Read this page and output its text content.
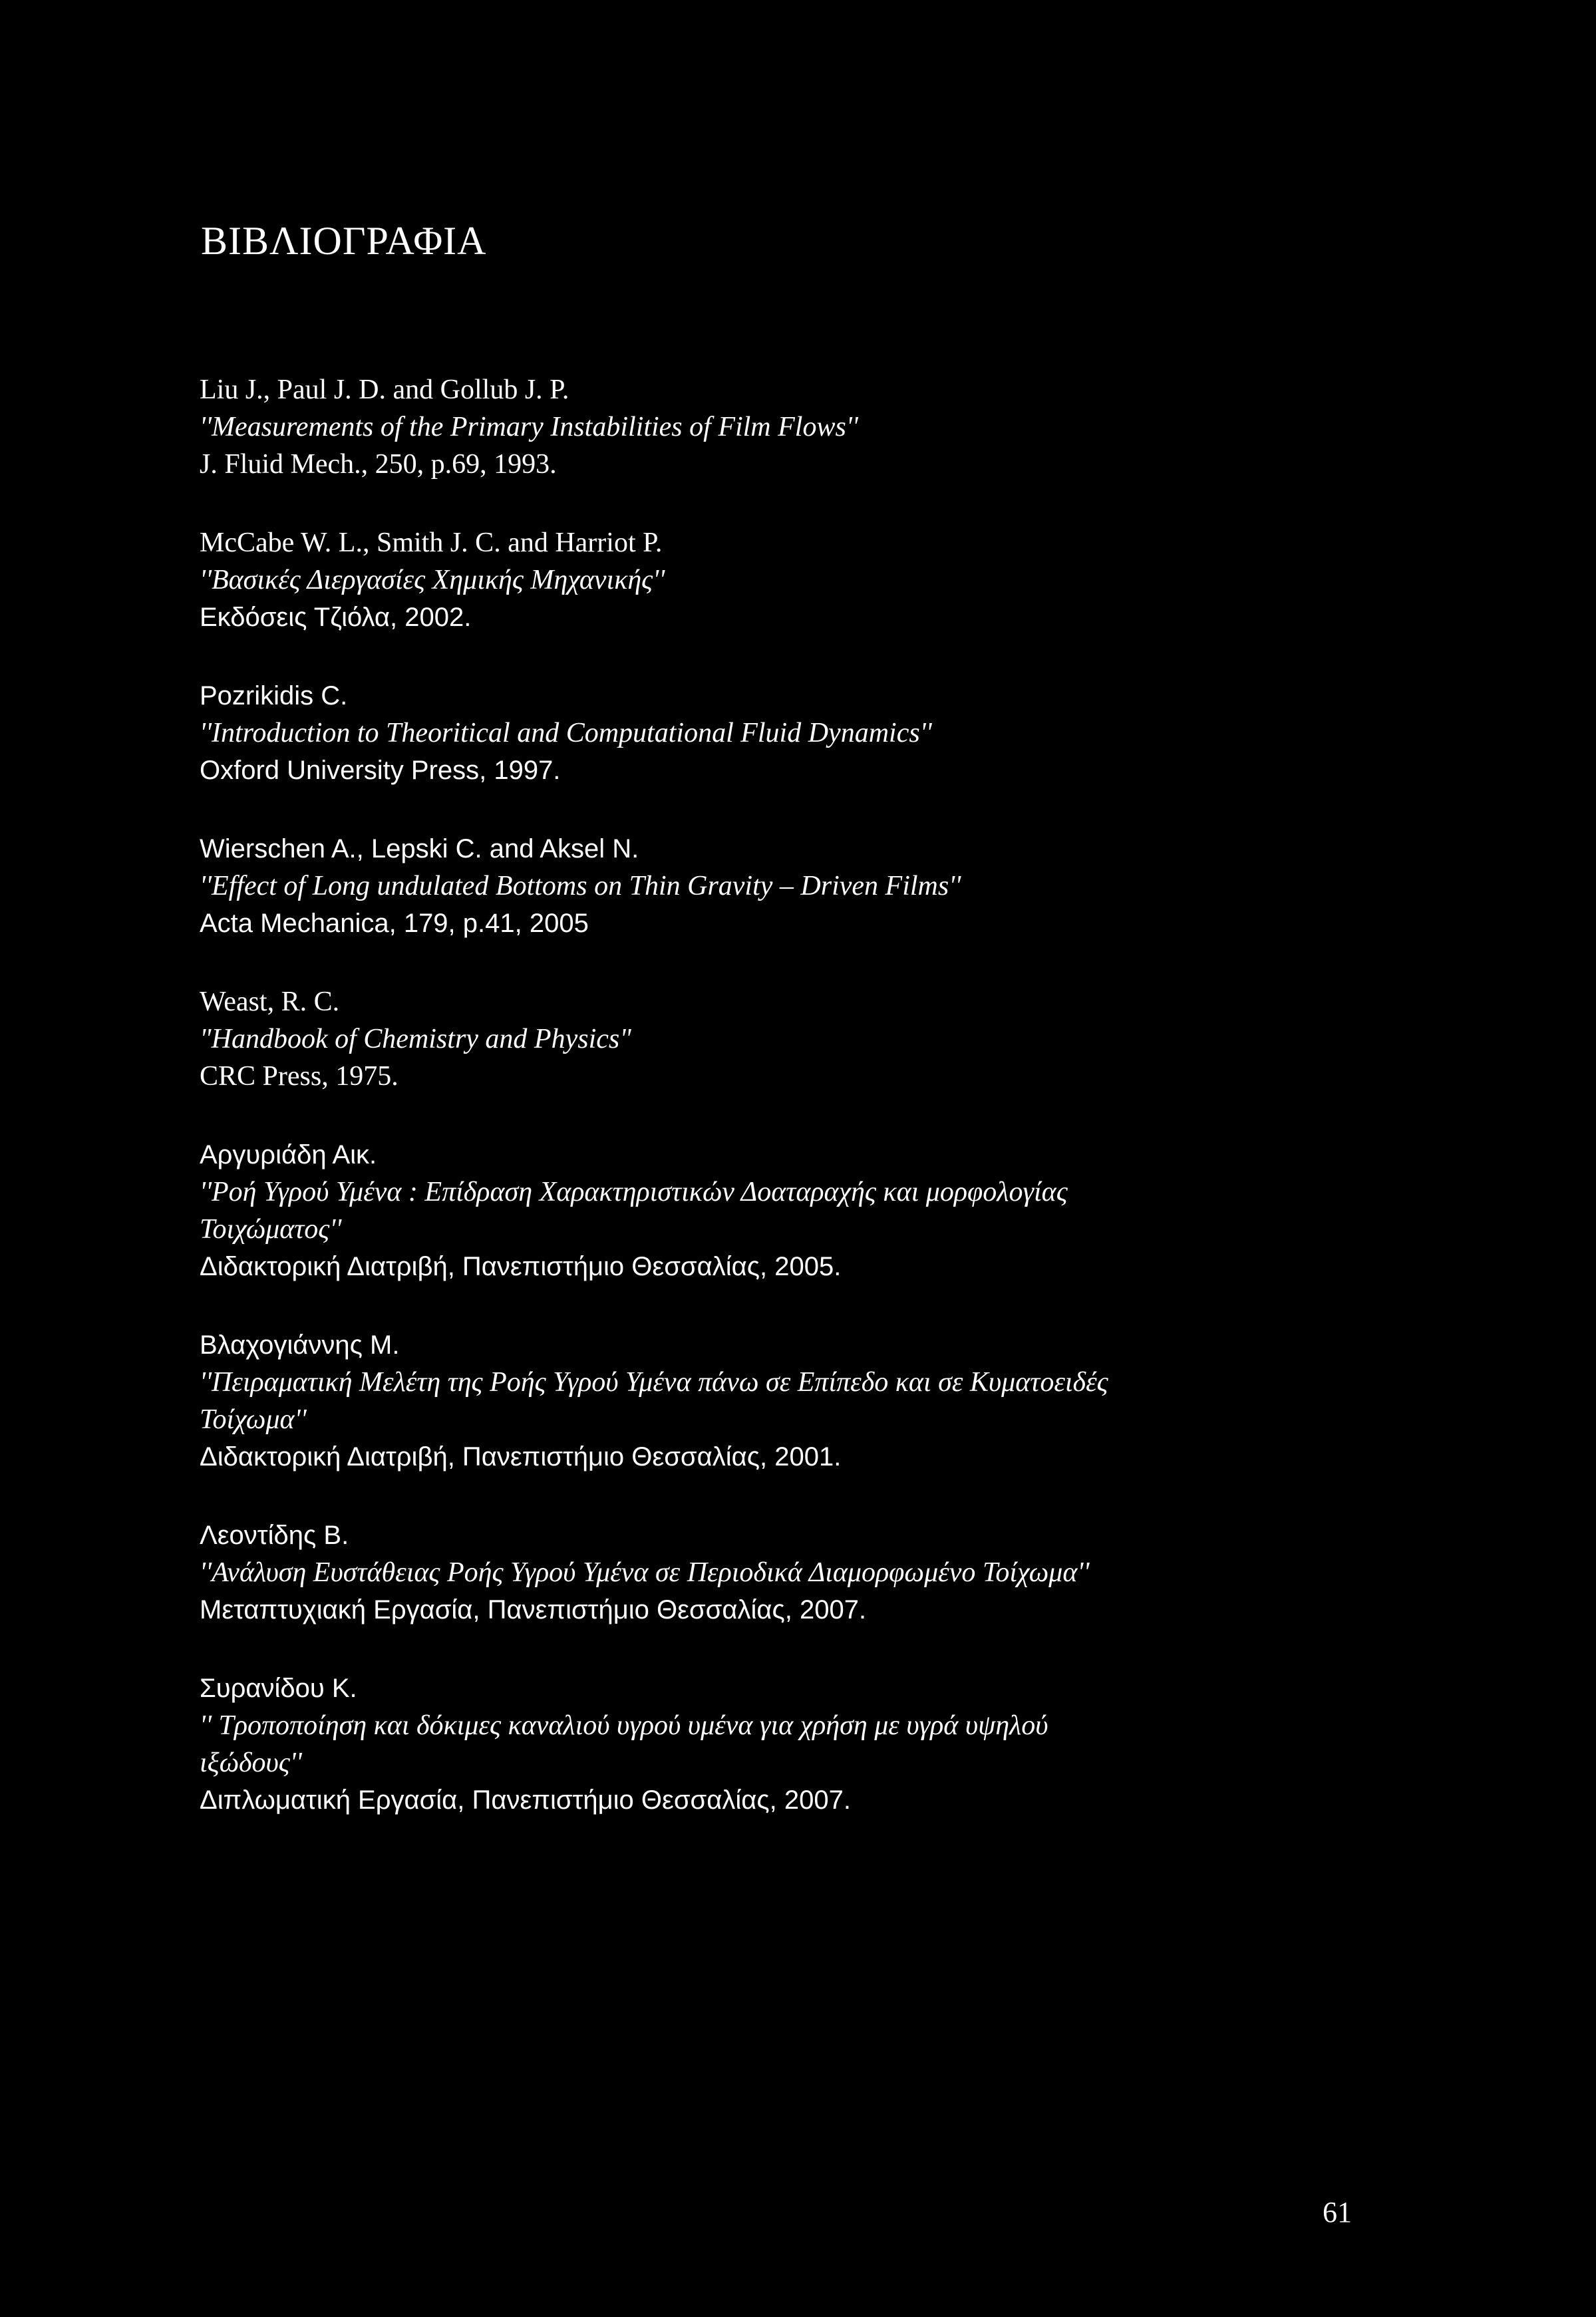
ΒΙΒΛΙΟΓΡΑΦΙΑ
Liu J., Paul J. D. and Gollub J. P.
''Measurements of the Primary Instabilities of Film Flows''
J. Fluid Mech., 250, p.69, 1993.
McCabe W. L., Smith J. C. and Harriot P.
''Βασικές Διεργασίες Χημικής Μηχανικής''
Εκδόσεις Τζιόλα, 2002.
Pozrikidis C.
''Introduction to Theoritical and Computational Fluid Dynamics''
Oxford University Press, 1997.
Wierschen A., Lepski C. and Aksel N.
''Effect of Long undulated Bottoms on Thin Gravity – Driven Films''
Acta Mechanica, 179, p.41, 2005
Weast, R. C.
"Handbook of Chemistry and Physics"
CRC Press, 1975.
Αργυριάδη Αικ.
''Ροή Υγρού Υμένα : Επίδραση Χαρακτηριστικών Δοαταραχής και μορφολογίας
Τοιχώματος''
Διδακτορική Διατριβή, Πανεπιστήμιο Θεσσαλίας, 2005.
Βλαχογιάννης Μ.
''Πειραματική Μελέτη της Ροής Υγρού Υμένα πάνω σε Επίπεδο και σε Κυματοειδές
Τοίχωμα''
Διδακτορική Διατριβή, Πανεπιστήμιο Θεσσαλίας, 2001.
Λεοντίδης Β.
''Ανάλυση Ευστάθειας Ροής Υγρού Υμένα σε Περιοδικά Διαμορφωμένο Τοίχωμα''
Μεταπτυχιακή Εργασία, Πανεπιστήμιο Θεσσαλίας, 2007.
Συρανίδου Κ.
'' Τροποποίηση και δόκιμες καναλιού υγρού υμένα για χρήση με υγρά υψηλού
ιξώδους''
Διπλωματική Εργασία, Πανεπιστήμιο Θεσσαλίας, 2007.
61
